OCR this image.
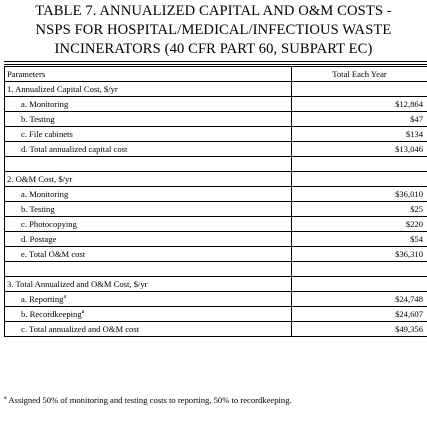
TABLE 7. ANNUALIZED CAPITAL AND O&M COSTS -
NSPS FOR HOSPITAL/MEDICAL/INFECTIOUS WASTE
INCINERATORS (40 CFR PART 60, SUBPART EC)
Parameters	Total Each Year
1. Annualized Capital Cost, $/yr	
a. Monitoring	$12,864
b. Testing	$47
c. File cabinets	$134
d. Total annualized capital cost	$13,046

2. O&M Cost, $/yr	
a. Monitoring	$36,010
b. Testing	$25
c. Photocopying	$220
d. Postage	$54
e. Total O&M cost	$36,310

3. Total Annualized and O&M Cost, $/yr	
a. Reporting$^a$	$24,748
b. Recordkeeping$^a$	$24,607
c. Total annualized and O&M cost	$49,356
$^a$ Assigned 50% of monitoring and testing costs to reporting, 50% to recordkeeping.
